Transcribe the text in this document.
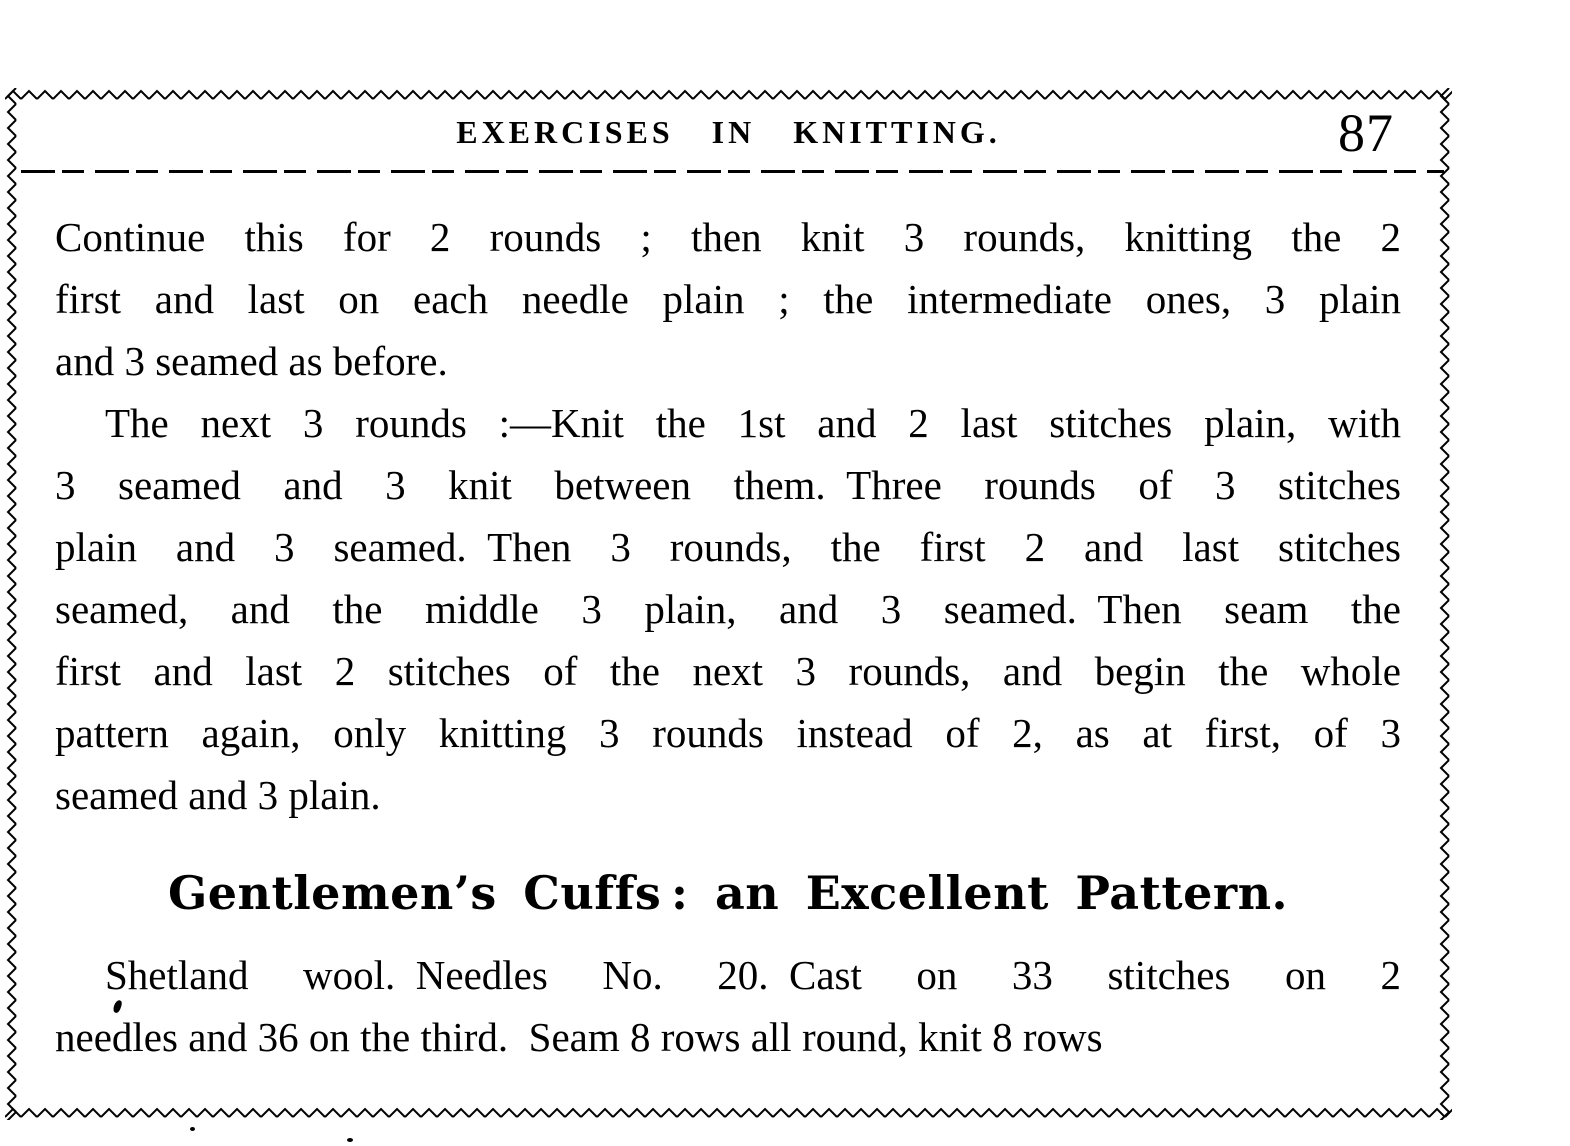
EXERCISES IN KNITTING.	87
Continue this for 2 rounds ; then knit 3 rounds, knitting the 2
first and last on each needle plain ; the intermediate ones, 3 plain
and 3 seamed as before.
The next 3 rounds :—Knit the 1st and 2 last stitches plain, with
3 seamed and 3 knit between them. Three rounds of 3 stitches
plain and 3 seamed. Then 3 rounds, the first 2 and last stitches
seamed, and the middle 3 plain, and 3 seamed. Then seam the
first and last 2 stitches of the next 3 rounds, and begin the whole
pattern again, only knitting 3 rounds instead of 2, as at first, of 3
seamed and 3 plain.
Gentlemen’s Cuffs : an Excellent Pattern.
Shetland wool. Needles No. 20. Cast on 33 stitches on 2
needles and 36 on the third. Seam 8 rows all round, knit 8 rows
